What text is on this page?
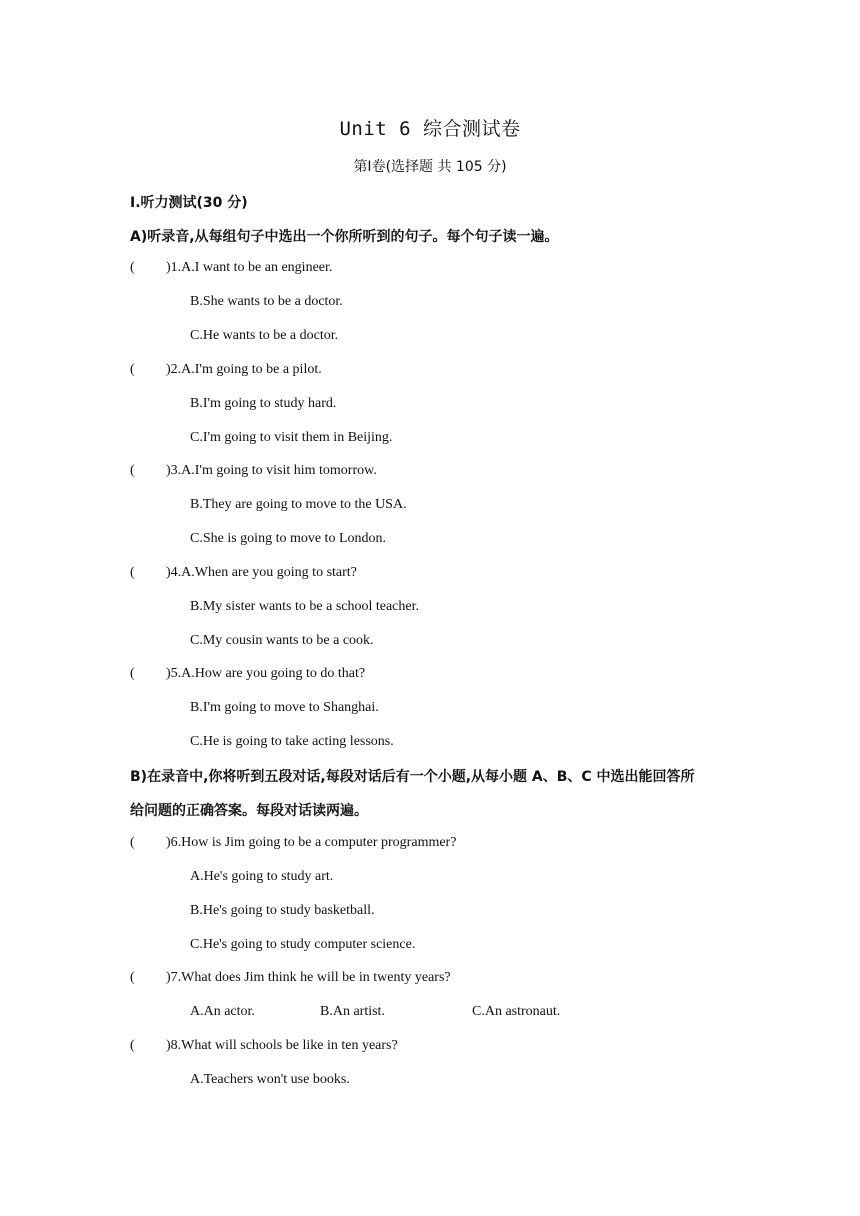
Unit 6 综合测试卷
第Ⅰ卷(选择题 共 105 分)
Ⅰ.听力测试(30 分)
A)听录音,从每组句子中选出一个你所听到的句子。每个句子读一遍。
( )1.A.I want to be an engineer.
B.She wants to be a doctor.
C.He wants to be a doctor.
( )2.A.I'm going to be a pilot.
B.I'm going to study hard.
C.I'm going to visit them in Beijing.
( )3.A.I'm going to visit him tomorrow.
B.They are going to move to the USA.
C.She is going to move to London.
( )4.A.When are you going to start?
B.My sister wants to be a school teacher.
C.My cousin wants to be a cook.
( )5.A.How are you going to do that?
B.I'm going to move to Shanghai.
C.He is going to take acting lessons.
B)在录音中,你将听到五段对话,每段对话后有一个小题,从每小题 A、B、C 中选出能回答所
给问题的正确答案。每段对话读两遍。
( )6.How is Jim going to be a computer programmer?
A.He's going to study art.
B.He's going to study basketball.
C.He's going to study computer science.
( )7.What does Jim think he will be in twenty years?
A.An actor.	B.An artist.	C.An astronaut.
( )8.What will schools be like in ten years?
A.Teachers won't use books.
